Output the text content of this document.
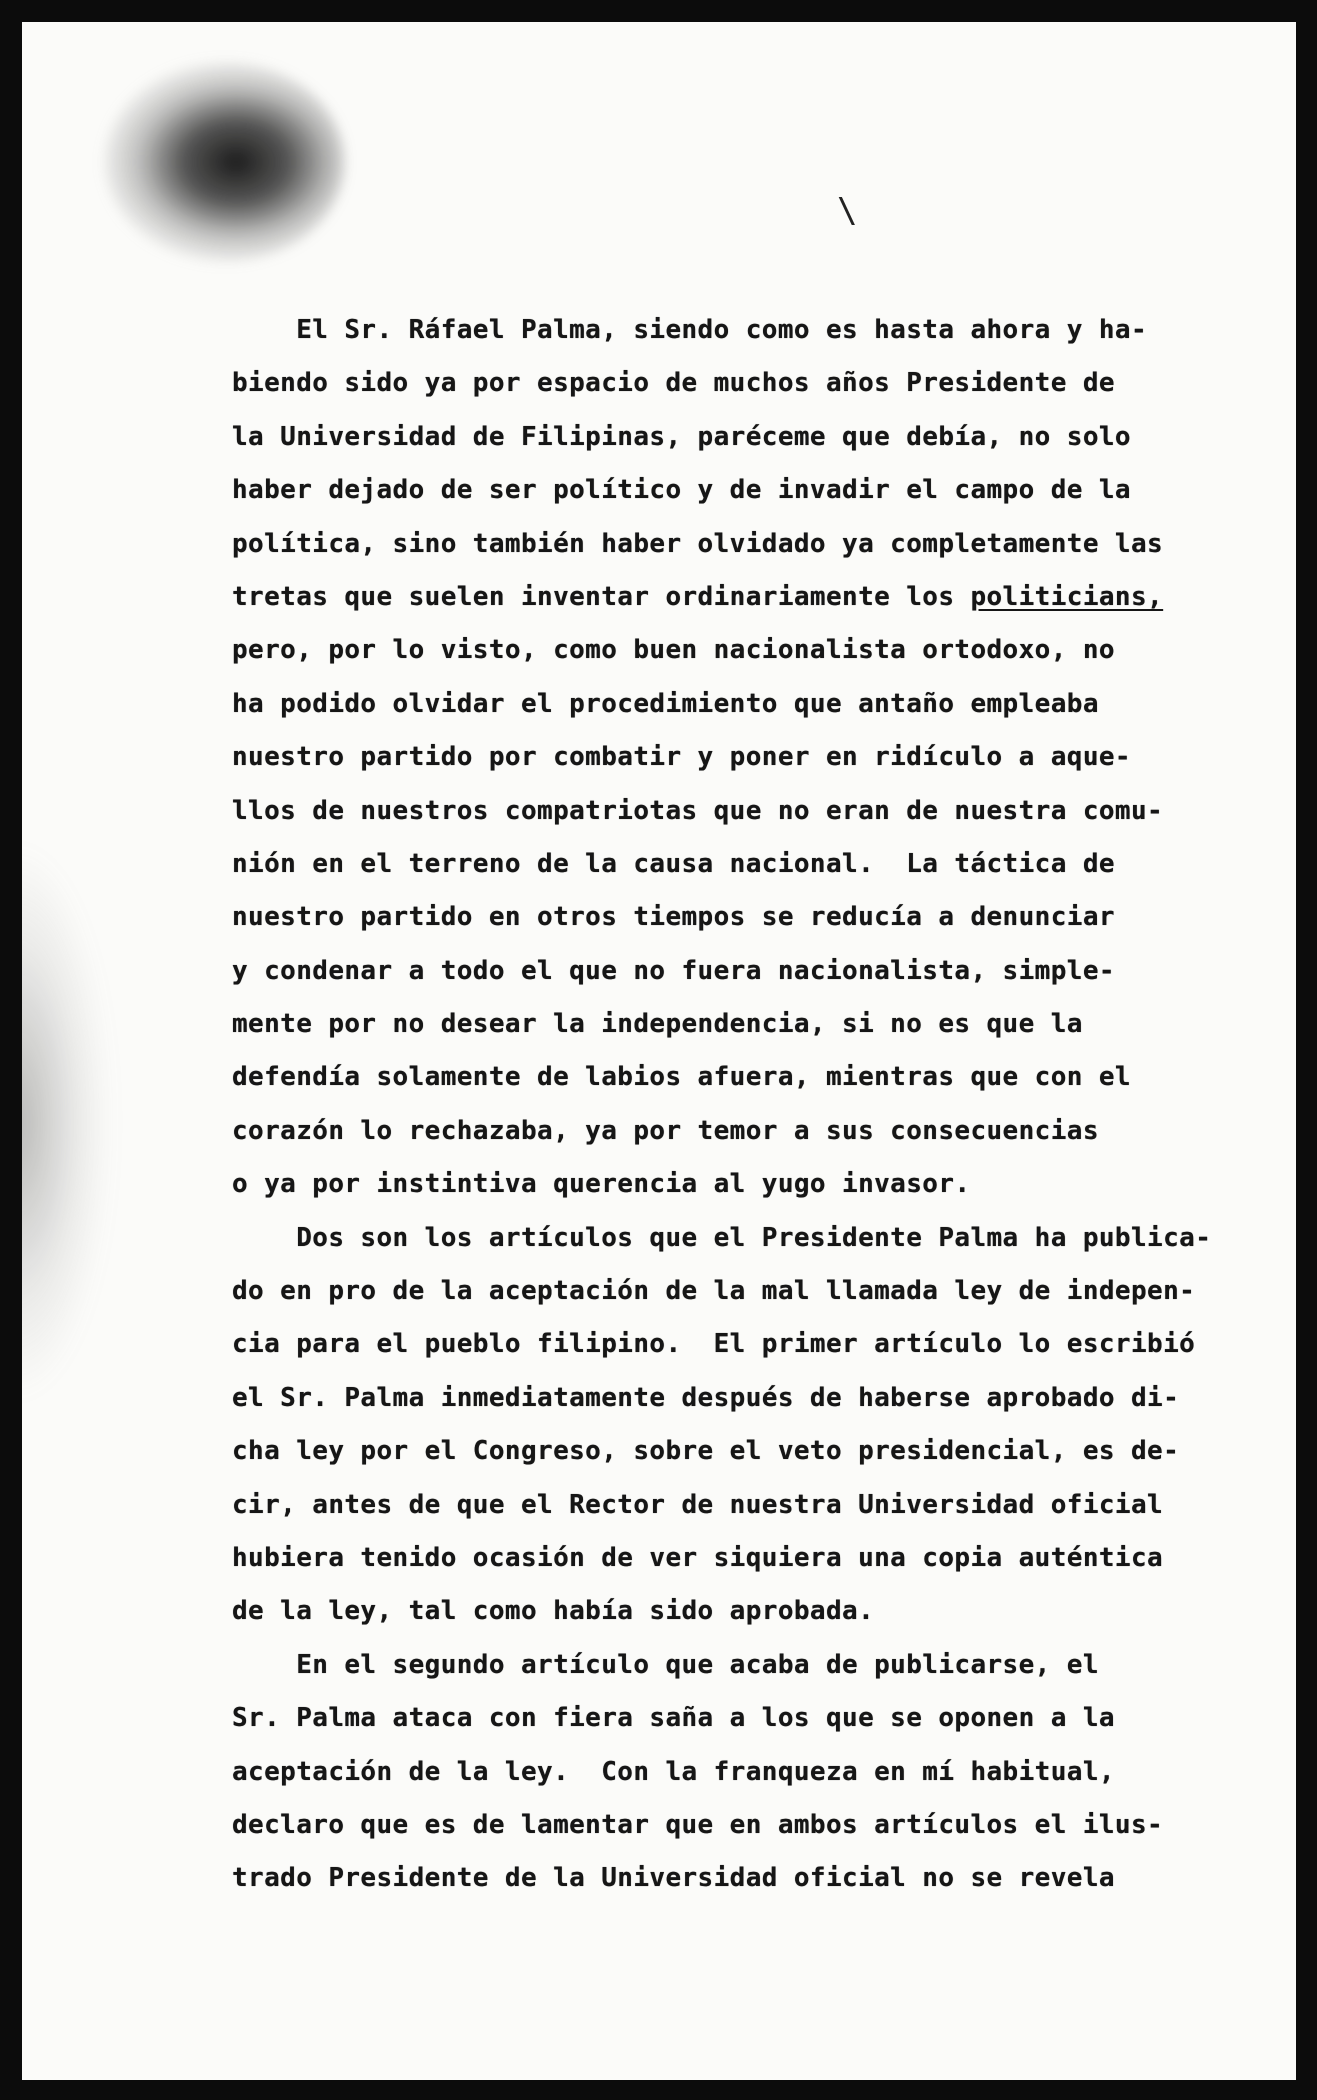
\
El Sr. Ráfael Palma, siendo como es hasta ahora y ha-
biendo sido ya por espacio de muchos años Presidente de
la Universidad de Filipinas, paréceme que debía, no solo
haber dejado de ser político y de invadir el campo de la
política, sino también haber olvidado ya completamente las
tretas que suelen inventar ordinariamente los politicians,
pero, por lo visto, como buen nacionalista ortodoxo, no
ha podido olvidar el procedimiento que antaño empleaba
nuestro partido por combatir y poner en ridículo a aque-
llos de nuestros compatriotas que no eran de nuestra comu-
nión en el terreno de la causa nacional.  La táctica de
nuestro partido en otros tiempos se reducía a denunciar
y condenar a todo el que no fuera nacionalista, simple-
mente por no desear la independencia, si no es que la
defendía solamente de labios afuera, mientras que con el
corazón lo rechazaba, ya por temor a sus consecuencias
o ya por instintiva querencia al yugo invasor.
Dos son los artículos que el Presidente Palma ha publica-
do en pro de la aceptación de la mal llamada ley de indepen-
cia para el pueblo filipino.  El primer artículo lo escribió
el Sr. Palma inmediatamente después de haberse aprobado di-
cha ley por el Congreso, sobre el veto presidencial, es de-
cir, antes de que el Rector de nuestra Universidad oficial
hubiera tenido ocasión de ver siquiera una copia auténtica
de la ley, tal como había sido aprobada.
En el segundo artículo que acaba de publicarse, el
Sr. Palma ataca con fiera saña a los que se oponen a la
aceptación de la ley.  Con la franqueza en mí habitual,
declaro que es de lamentar que en ambos artículos el ilus-
trado Presidente de la Universidad oficial no se revela
